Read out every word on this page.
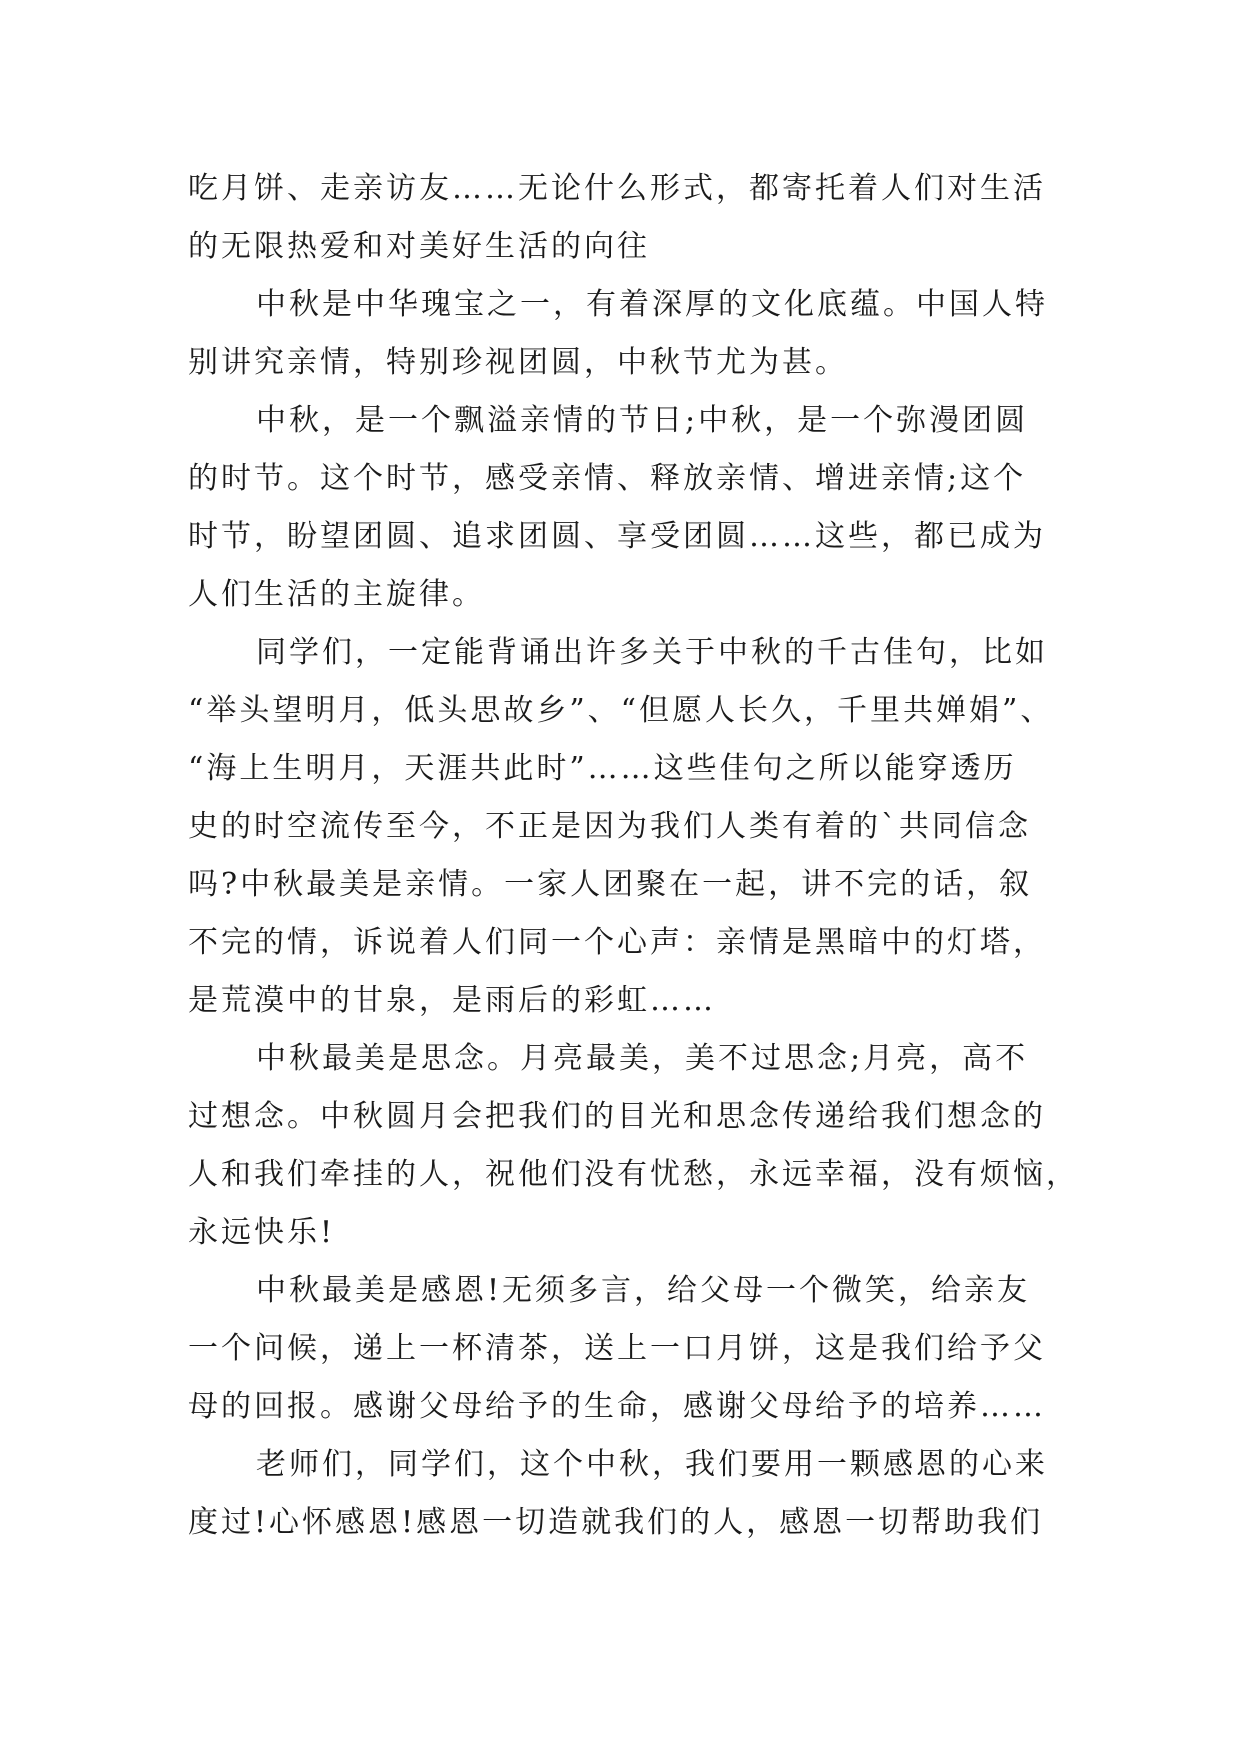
吃月饼、走亲访友……无论什么形式，都寄托着人们对生活
的无限热爱和对美好生活的向往
中秋是中华瑰宝之一，有着深厚的文化底蕴。中国人特
别讲究亲情，特别珍视团圆，中秋节尤为甚。
中秋，是一个飘溢亲情的节日;中秋，是一个弥漫团圆
的时节。这个时节，感受亲情、释放亲情、增进亲情;这个
时节，盼望团圆、追求团圆、享受团圆……这些，都已成为
人们生活的主旋律。
同学们，一定能背诵出许多关于中秋的千古佳句，比如
“举头望明月，低头思故乡”、“但愿人长久，千里共婵娟”、
“海上生明月，天涯共此时”……这些佳句之所以能穿透历
史的时空流传至今，不正是因为我们人类有着的`共同信念
吗?中秋最美是亲情。一家人团聚在一起，讲不完的话，叙
不完的情，诉说着人们同一个心声：亲情是黑暗中的灯塔，
是荒漠中的甘泉，是雨后的彩虹……
中秋最美是思念。月亮最美，美不过思念;月亮，高不
过想念。中秋圆月会把我们的目光和思念传递给我们想念的
人和我们牵挂的人，祝他们没有忧愁，永远幸福，没有烦恼，
永远快乐!
中秋最美是感恩!无须多言，给父母一个微笑，给亲友
一个问候，递上一杯清茶，送上一口月饼，这是我们给予父
母的回报。感谢父母给予的生命，感谢父母给予的培养……
老师们，同学们，这个中秋，我们要用一颗感恩的心来
度过!心怀感恩!感恩一切造就我们的人，感恩一切帮助我们
